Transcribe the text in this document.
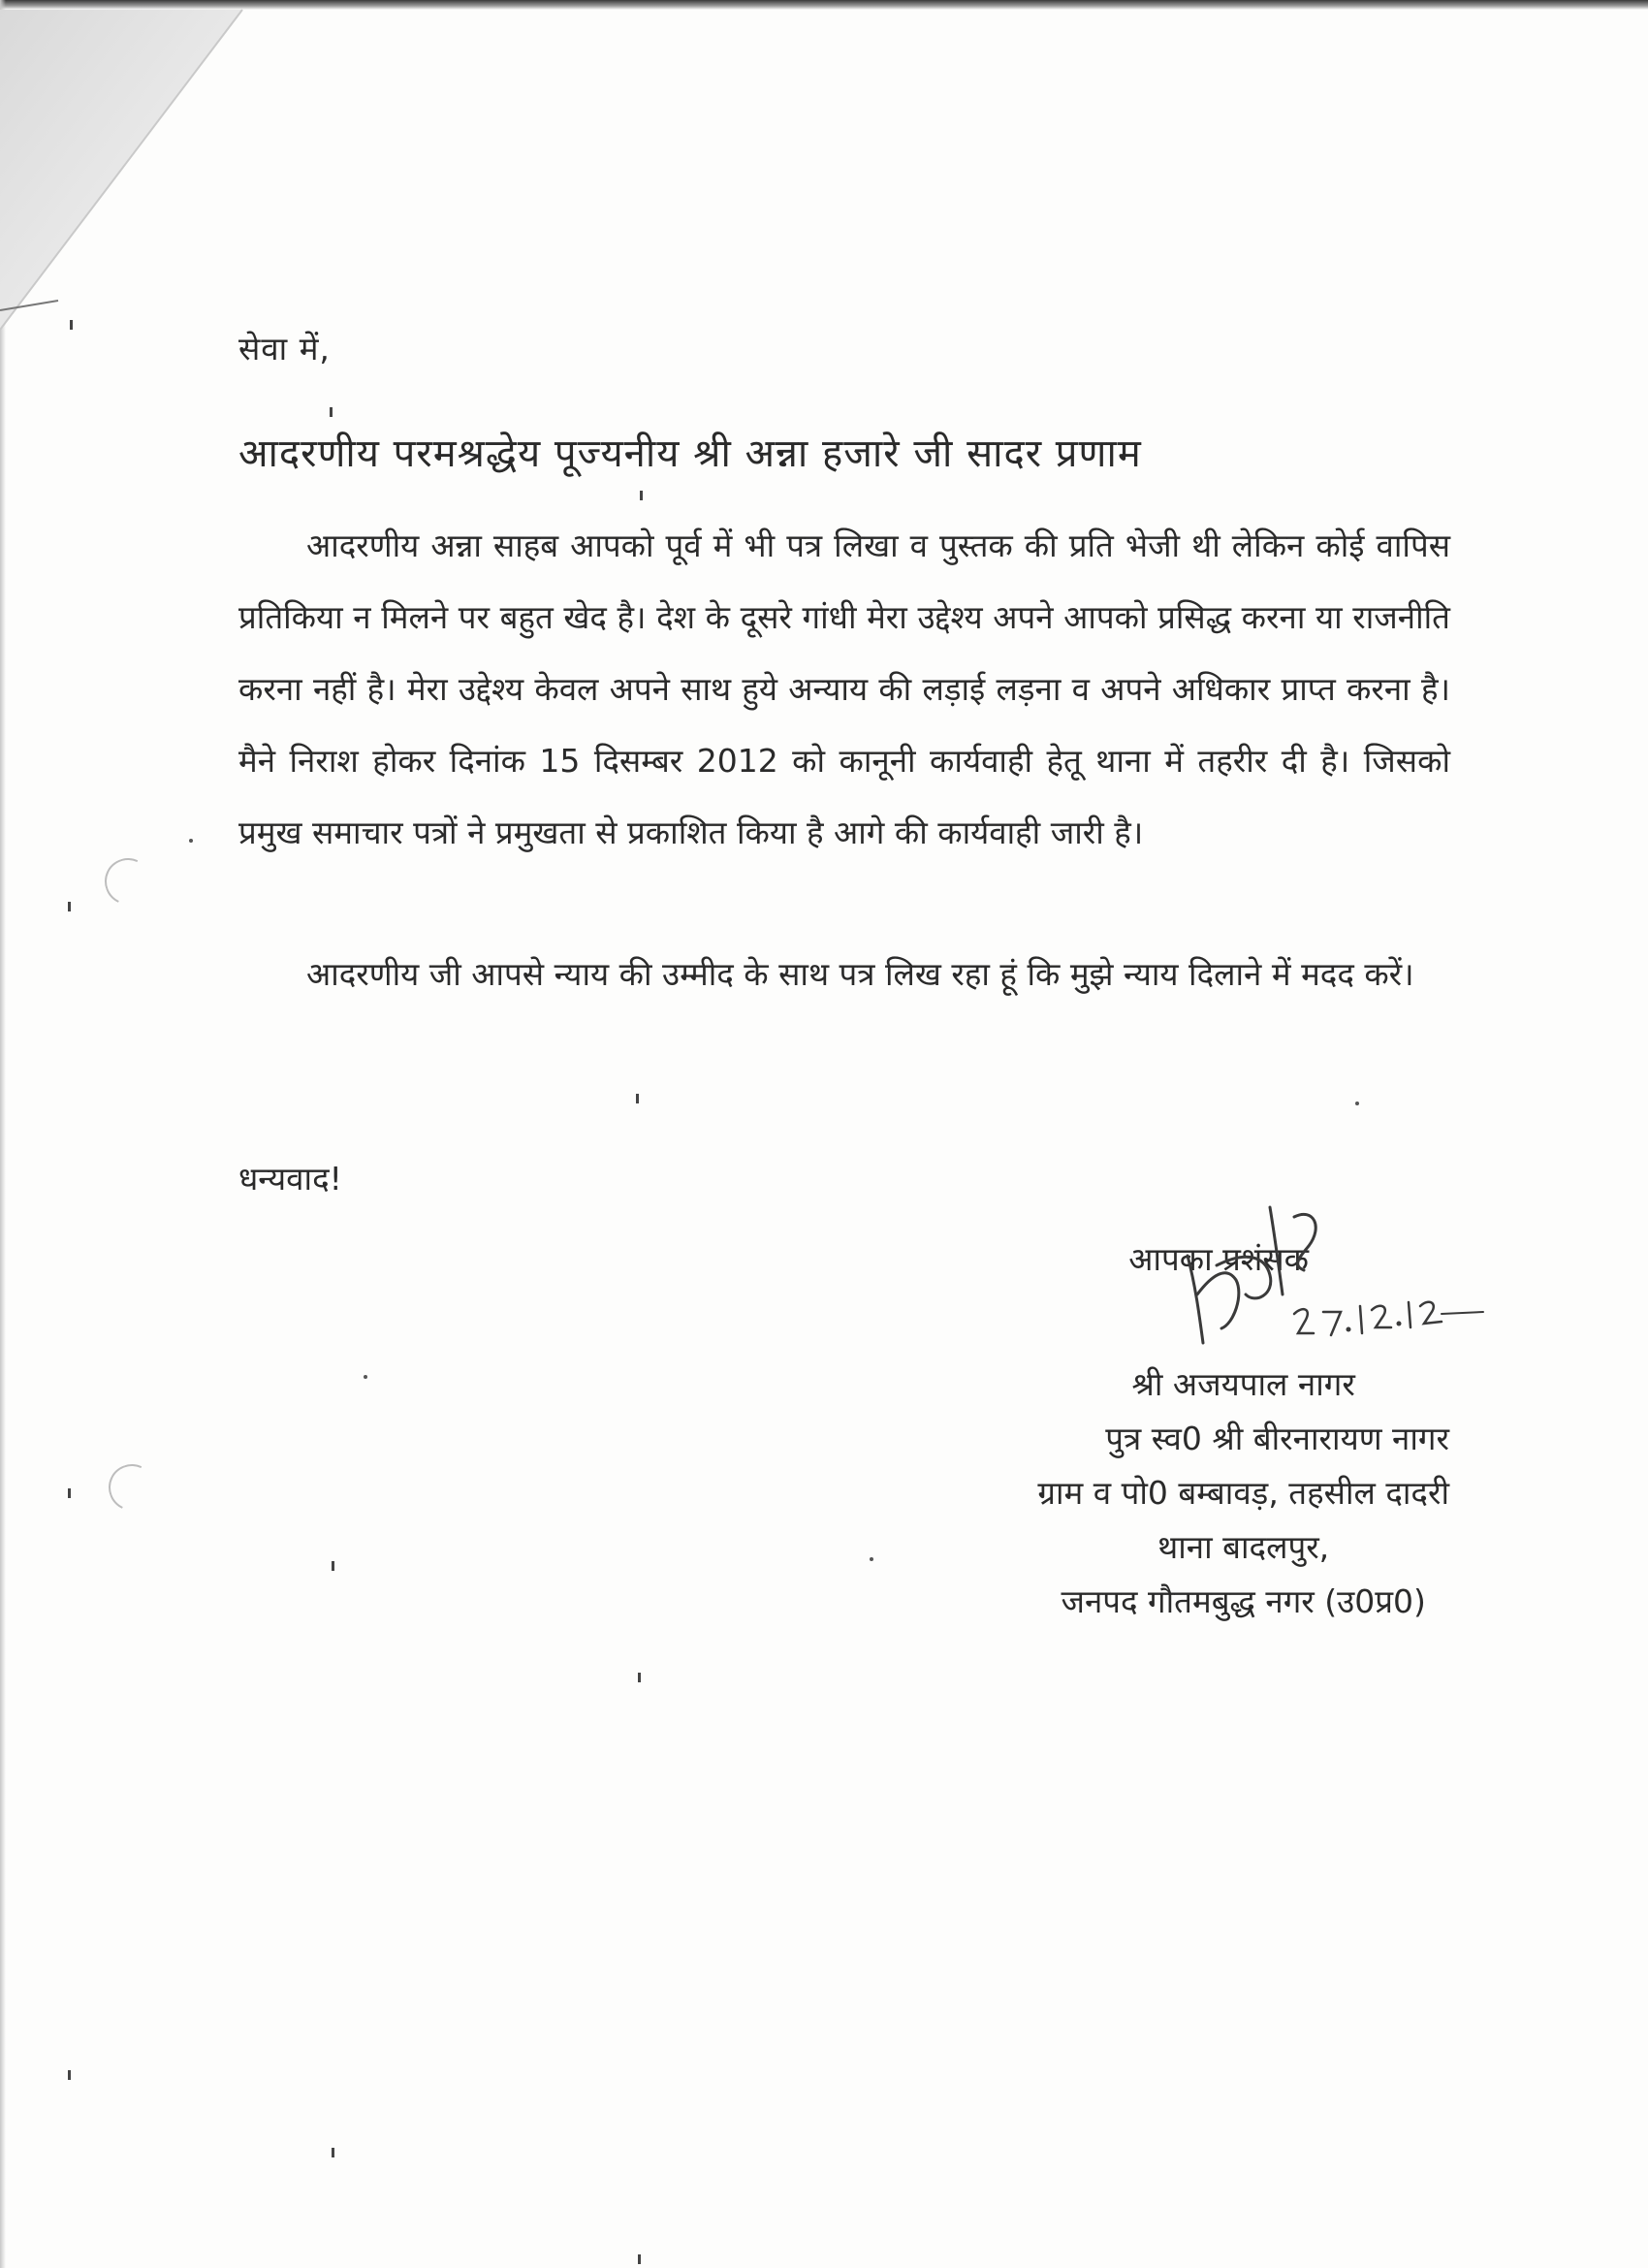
सेवा में,
आदरणीय परमश्रद्धेय पूज्यनीय श्री अन्ना हजारे जी सादर प्रणाम

आदरणीय अन्ना साहब आपको पूर्व में भी पत्र लिखा व पुस्तक की प्रति भेजी थी लेकिन कोई वापिस प्रतिकिया न मिलने पर बहुत खेद है। देश के दूसरे गांधी मेरा उद्देश्य अपने आपको प्रसिद्ध करना या राजनीति करना नहीं है। मेरा उद्देश्य केवल अपने साथ हुये अन्याय की लड़ाई लड़ना व अपने अधिकार प्राप्त करना है। मैने निराश होकर दिनांक 15 दिसम्बर 2012 को कानूनी कार्यवाही हेतू थाना में तहरीर दी है। जिसको प्रमुख समाचार पत्रों ने प्रमुखता से प्रकाशित किया है आगे की कार्यवाही जारी है।

आदरणीय जी आपसे न्याय की उम्मीद के साथ पत्र लिख रहा हूं कि मुझे न्याय दिलाने में मदद करें।

धन्यवाद!
आपका प्रशंसक
श्री अजयपाल नागर
पुत्र स्व0 श्री बीरनारायण नागर
ग्राम व पो0 बम्बावड़, तहसील दादरी
थाना बादलपुर,
जनपद गौतमबुद्ध नगर (उ0प्र0)
